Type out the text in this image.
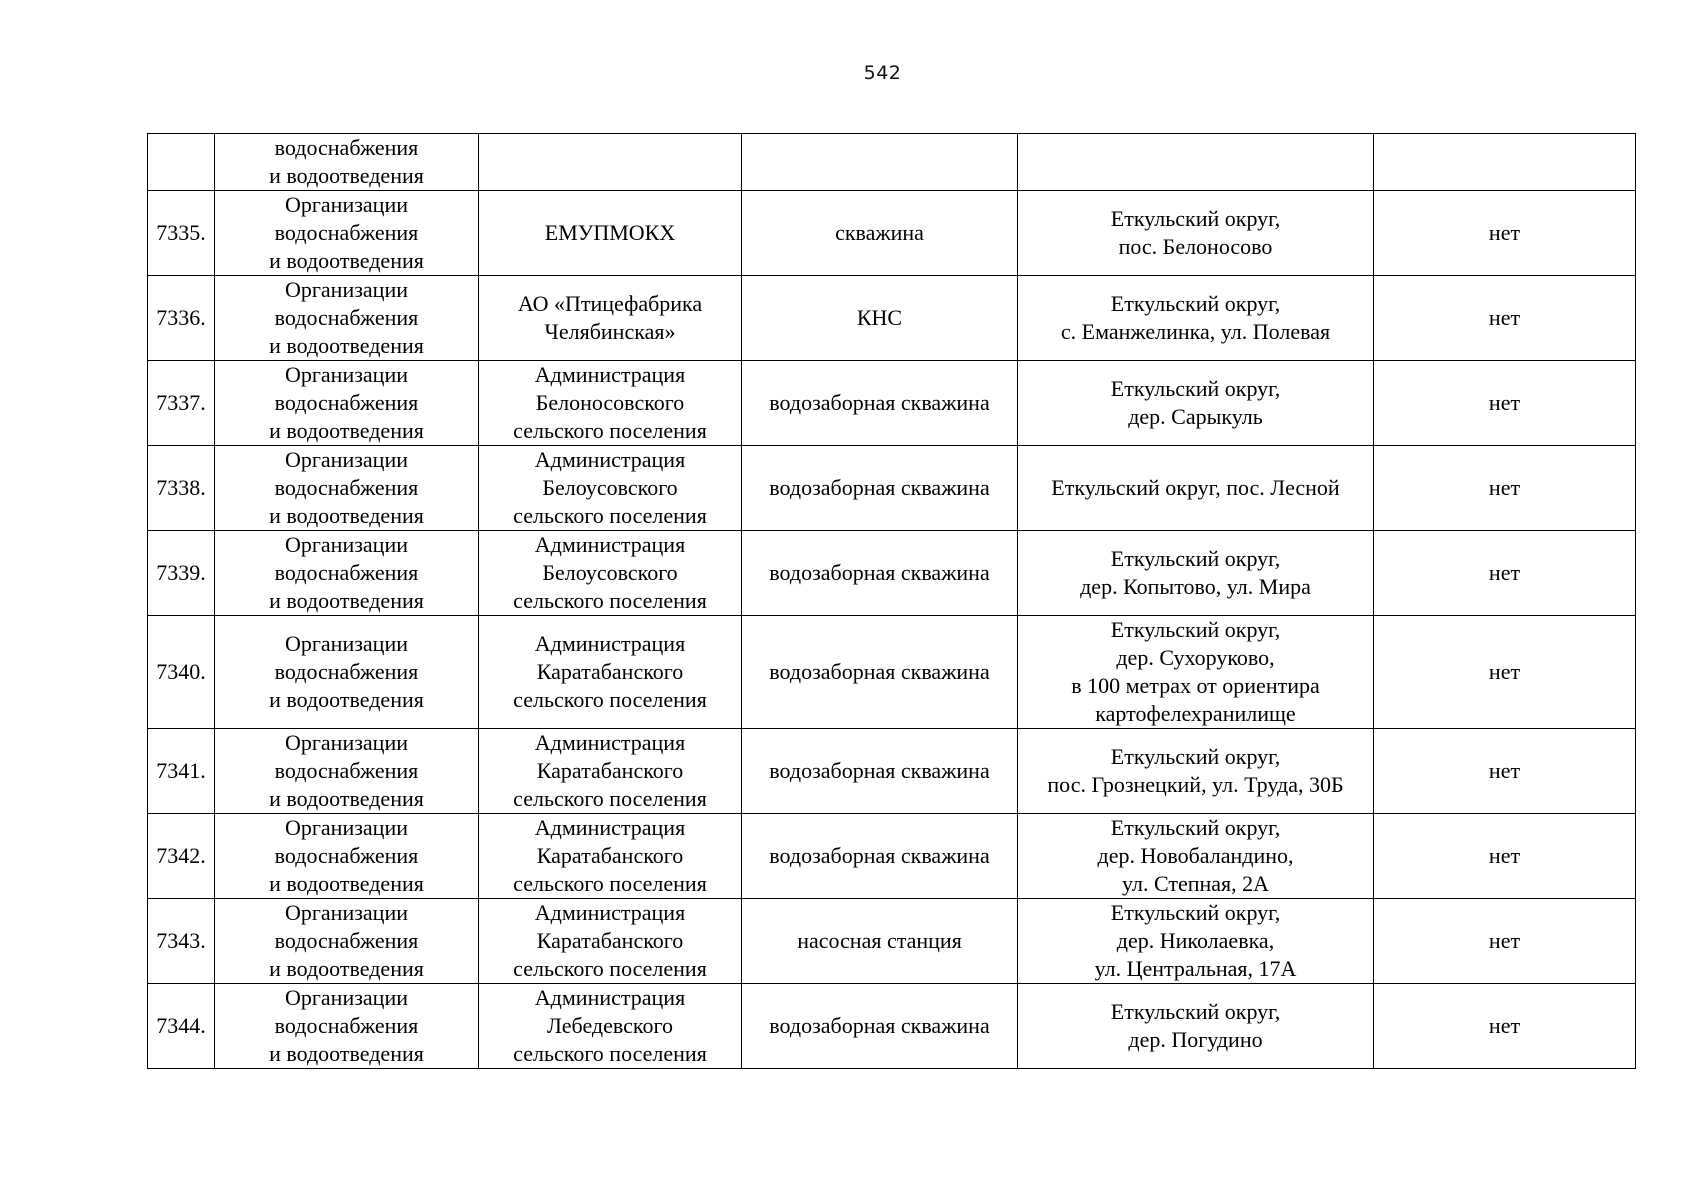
542

	водоснабжения
и водоотведения				

7335.	Организации
водоснабжения
и водоотведения	ЕМУПМОКХ	скважина	Еткульский округ,
пос. Белоносово	нет
7336.	Организации
водоснабжения
и водоотведения	АО «Птицефабрика
Челябинская»	КНС	Еткульский округ,
с. Еманжелинка, ул. Полевая	нет
7337.	Организации
водоснабжения
и водоотведения	Администрация
Белоносовского
сельского поселения	водозаборная скважина	Еткульский округ,
дер. Сарыкуль	нет
7338.	Организации
водоснабжения
и водоотведения	Администрация
Белоусовского
сельского поселения	водозаборная скважина	Еткульский округ, пос. Лесной	нет
7339.	Организации
водоснабжения
и водоотведения	Администрация
Белоусовского
сельского поселения	водозаборная скважина	Еткульский округ,
дер. Копытово, ул. Мира	нет
7340.	Организации
водоснабжения
и водоотведения	Администрация
Каратабанского
сельского поселения	водозаборная скважина	Еткульский округ,
дер. Сухоруково,
в 100 метрах от ориентира
картофелехранилище	нет
7341.	Организации
водоснабжения
и водоотведения	Администрация
Каратабанского
сельского поселения	водозаборная скважина	Еткульский округ,
пос. Грознецкий, ул. Труда, 30Б	нет
7342.	Организации
водоснабжения
и водоотведения	Администрация
Каратабанского
сельского поселения	водозаборная скважина	Еткульский округ,
дер. Новобаландино,
ул. Степная, 2А	нет
7343.	Организации
водоснабжения
и водоотведения	Администрация
Каратабанского
сельского поселения	насосная станция	Еткульский округ,
дер. Николаевка,
ул. Центральная, 17А	нет
7344.	Организации
водоснабжения
и водоотведения	Администрация
Лебедевского
сельского поселения	водозаборная скважина	Еткульский округ,
дер. Погудино	нет
